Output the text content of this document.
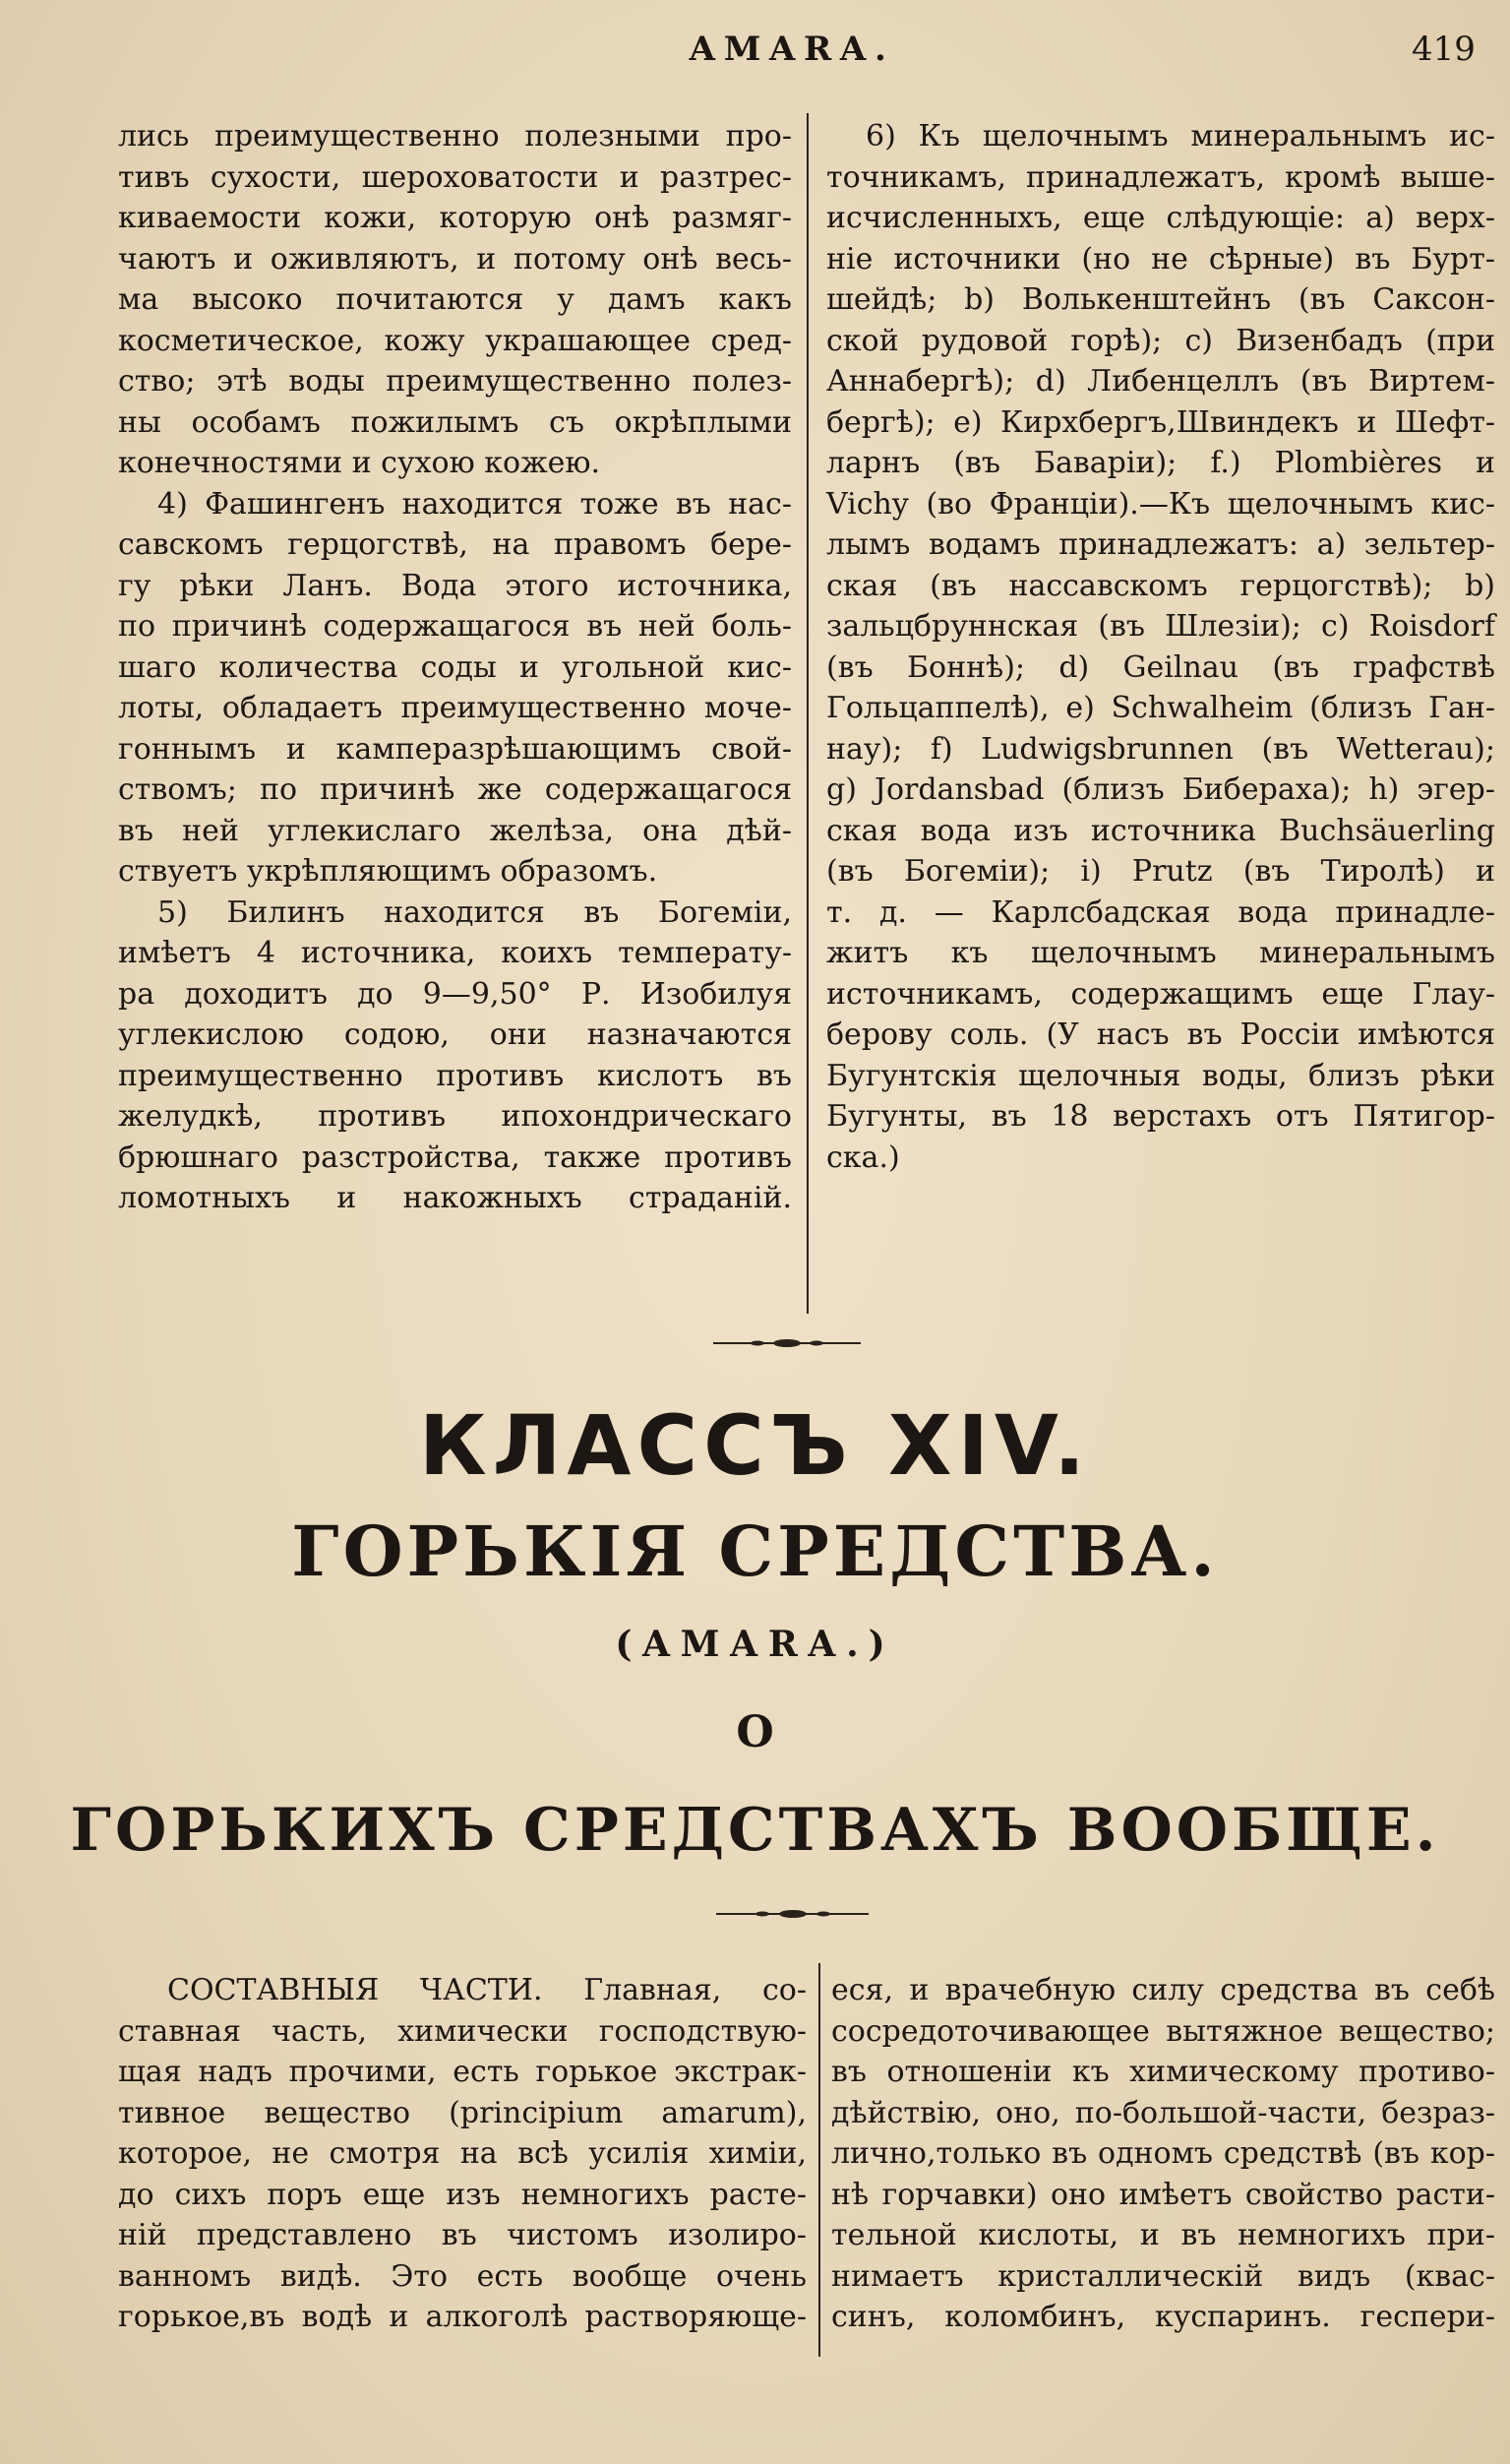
АМАRА.	419
лись преимущественно полезными про-
тивъ сухости, шероховатости и разтрес-
киваемости кожи, которую онѣ размяг-
чаютъ и оживляютъ, и потому онѣ весь-
ма высоко почитаются у дамъ какъ
косметическое, кожу украшающее сред-
ство; этѣ воды преимущественно полез-
ны особамъ пожилымъ съ окрѣплыми
конечностями и сухою кожею.
4) Фашингенъ находится тоже въ нас-
савскомъ герцогствѣ, на правомъ бере-
гу рѣки Ланъ. Вода этого источника,
по причинѣ содержащагося въ ней боль-
шаго количества соды и угольной кис-
лоты, обладаетъ преимущественно моче-
гоннымъ и камперазрѣшающимъ свой-
ствомъ; по причинѣ же содержащагося
въ ней углекислаго желѣза, она дѣй-
ствуетъ укрѣпляющимъ образомъ.
5) Билинъ находится въ Богеміи,
имѣетъ 4 источника, коихъ температу-
ра доходитъ до 9—9,50° Р. Изобилуя
углекислою содою, они назначаются
преимущественно противъ кислотъ въ
желудкѣ, противъ ипохондрическаго
брюшнаго разстройства, также противъ
ломотныхъ и накожныхъ страданій.
6) Къ щелочнымъ минеральнымъ ис-
точникамъ, принадлежатъ, кромѣ выше-
исчисленныхъ, еще слѣдующіе: a) верх-
ніе источники (но не сѣрные) въ Бурт-
шейдѣ; b) Волькенштейнъ (въ Саксон-
ской рудовой горѣ); c) Визенбадъ (при
Аннабергѣ); d) Либенцеллъ (въ Виртем-
бергѣ); e) Кирхбергъ,Швиндекъ и Шефт-
ларнъ (въ Баваріи); f.) Plombières и
Vichy (во Франціи).—Къ щелочнымъ кис-
лымъ водамъ принадлежатъ: a) зельтер-
ская (въ нассавскомъ герцогствѣ); b)
зальцбруннская (въ Шлезіи); c) Roisdorf
(въ Боннѣ); d) Geilnau (въ графствѣ
Гольцаппелѣ), e) Schwalheim (близъ Ган-
нау); f) Ludwigsbrunnen (въ Wetterau);
g) Jordansbad (близъ Бибераха); h) эгер-
ская вода изъ источника Buchsäuerling
(въ Богеміи); i) Prutz (въ Тиролѣ) и
т. д. — Карлсбадская вода принадле-
житъ къ щелочнымъ минеральнымъ
источникамъ, содержащимъ еще Глау-
берову соль. (У насъ въ Россіи имѣются
Бугунтскія щелочныя воды, близъ рѣки
Бугунты, въ 18 верстахъ отъ Пятигор-
ска.)
КЛАССЪ XIV.
ГОРЬКІЯ СРЕДСТВА.
(АМАRА.)
О
ГОРЬКИХЪ СРЕДСТВАХЪ ВООБЩЕ.
СОСТАВНЫЯ ЧАСТИ. Главная, со-
ставная часть, химически господствую-
щая надъ прочими, есть горькое экстрак-
тивное вещество (principium amarum),
которое, не смотря на всѣ усилія химіи,
до сихъ поръ еще изъ немногихъ расте-
ній представлено въ чистомъ изолиро-
ванномъ видѣ. Это есть вообще очень
горькое,въ водѣ и алкоголѣ растворяюще-
еся, и врачебную силу средства въ себѣ
сосредоточивающее вытяжное вещество;
въ отношеніи къ химическому противо-
дѣйствію, оно, по-большой-части, безраз-
лично,только въ одномъ средствѣ (въ кор-
нѣ горчавки) оно имѣетъ свойство расти-
тельной кислоты, и въ немногихъ при-
нимаетъ кристаллическій видъ (квас-
синъ, коломбинъ, куспаринъ. геспери-
